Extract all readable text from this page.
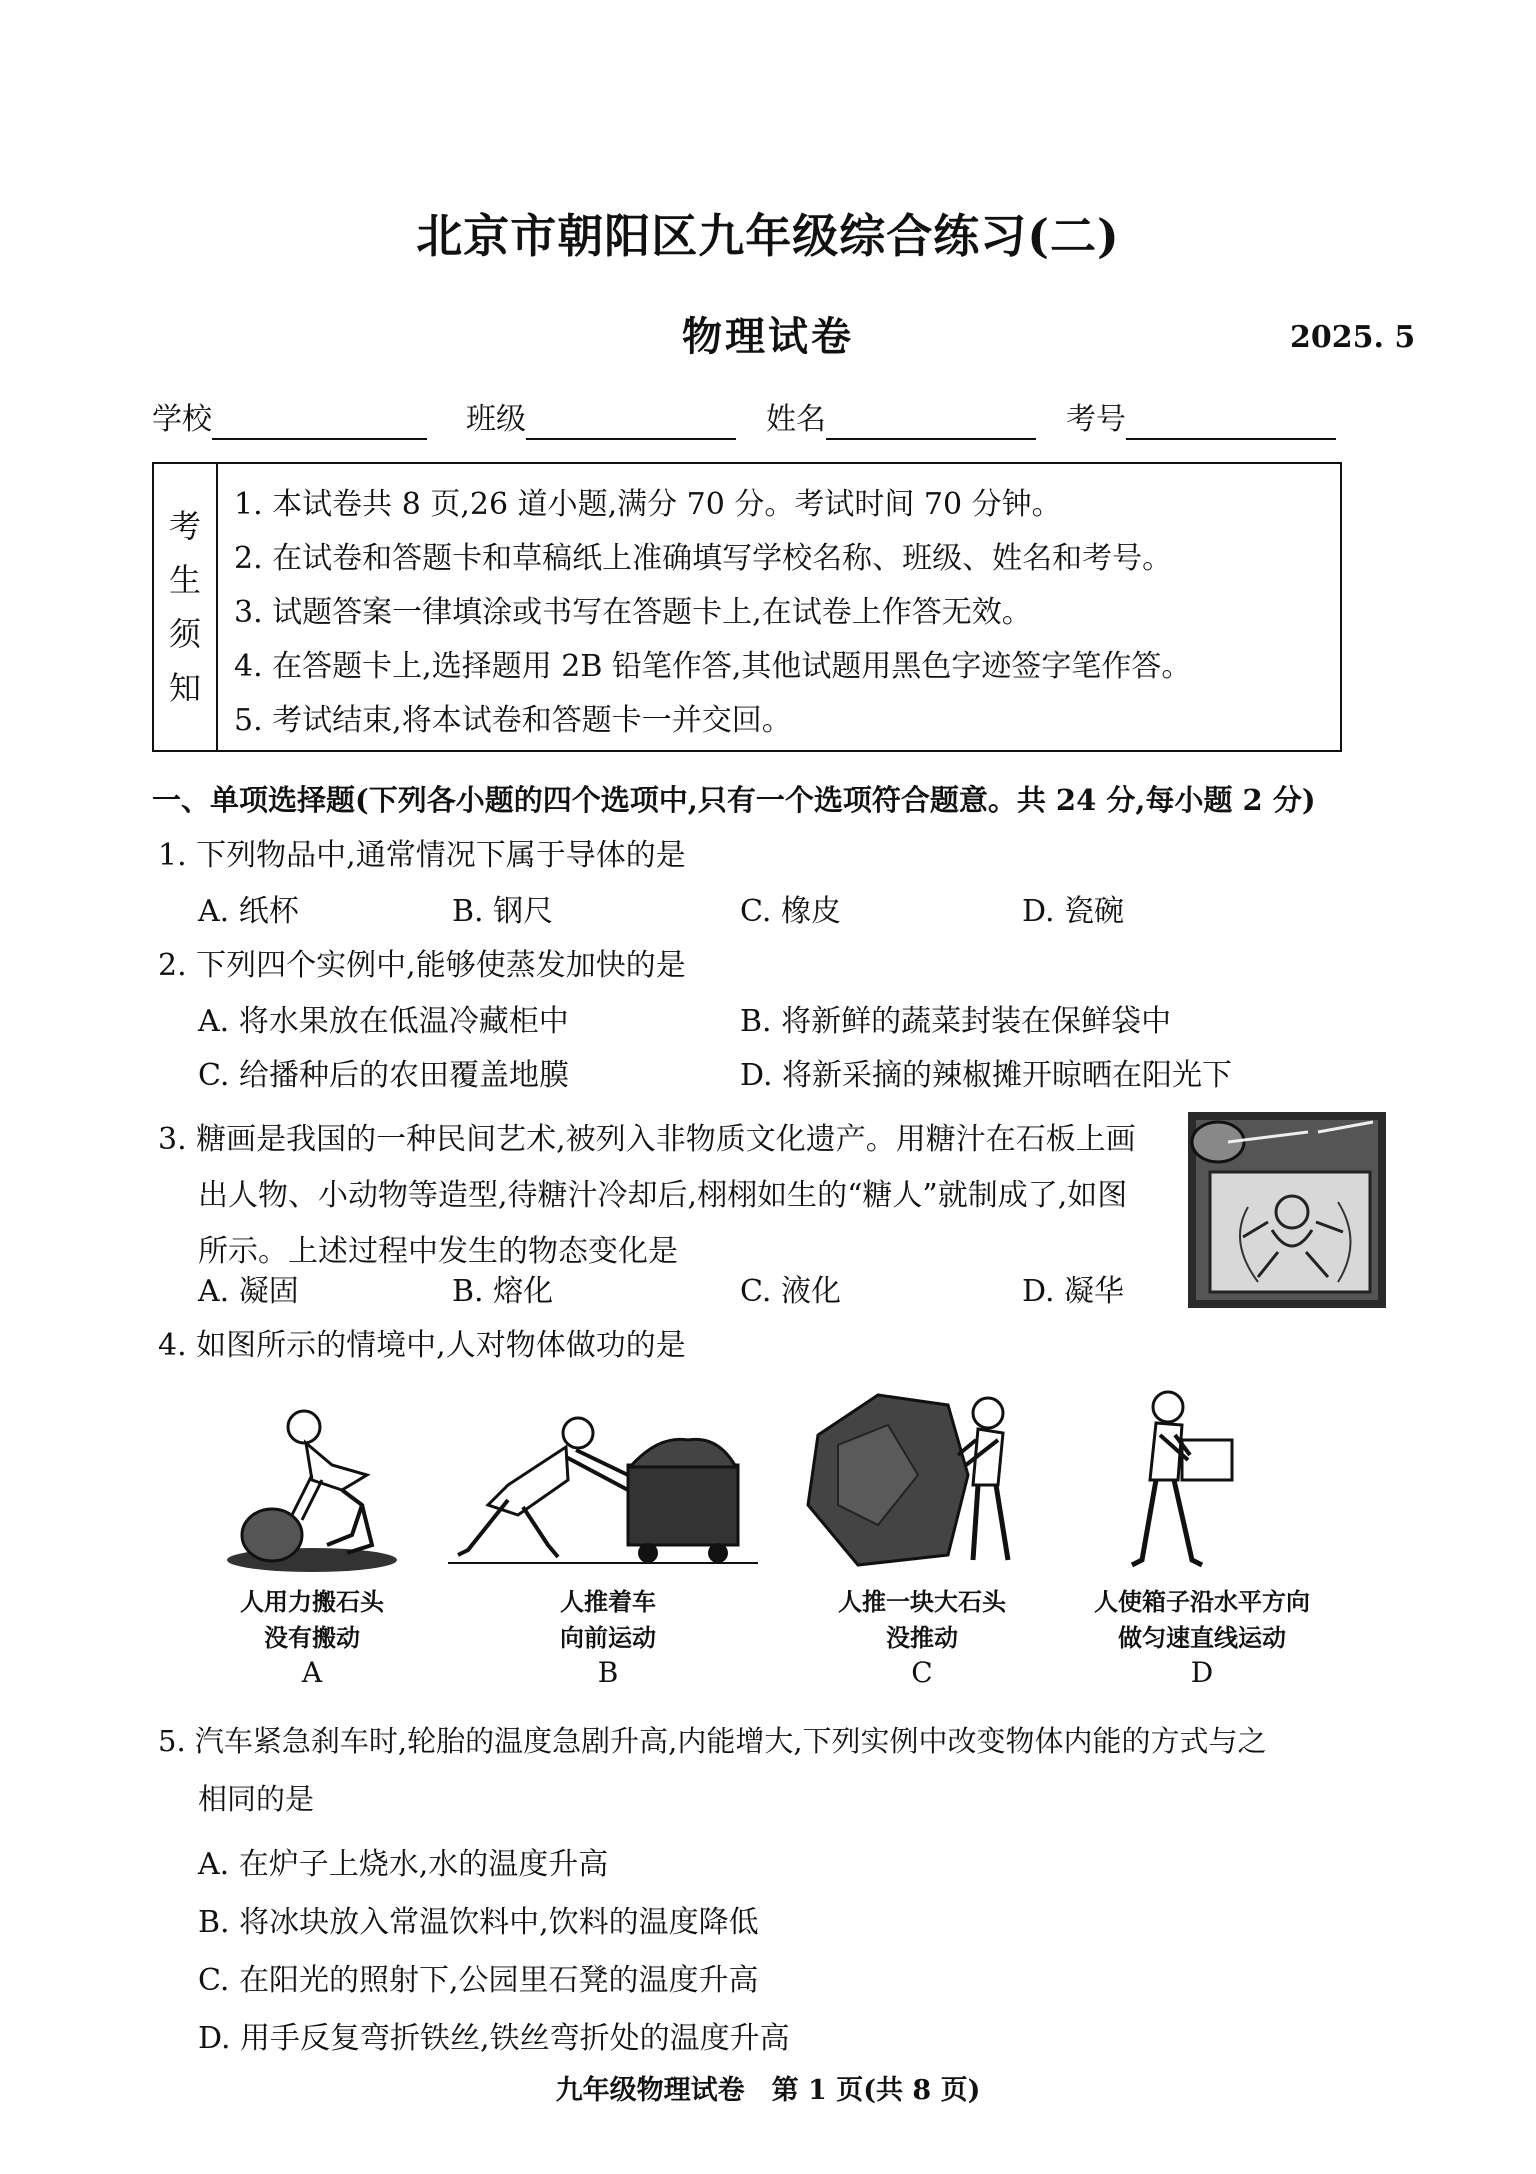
北京市朝阳区九年级综合练习(二)
物理试卷	2025. 5
学校	班级	姓名	考号
考
生
须
知
1. 本试卷共 8 页,26 道小题,满分 70 分。考试时间 70 分钟。
2. 在试卷和答题卡和草稿纸上准确填写学校名称、班级、姓名和考号。
3. 试题答案一律填涂或书写在答题卡上,在试卷上作答无效。
4. 在答题卡上,选择题用 2B 铅笔作答,其他试题用黑色字迹签字笔作答。
5. 考试结束,将本试卷和答题卡一并交回。
一、单项选择题(下列各小题的四个选项中,只有一个选项符合题意。共 24 分,每小题 2 分)
1. 下列物品中,通常情况下属于导体的是
A. 纸杯	B. 钢尺	C. 橡皮	D. 瓷碗
2. 下列四个实例中,能够使蒸发加快的是
A. 将水果放在低温冷藏柜中	B. 将新鲜的蔬菜封装在保鲜袋中
C. 给播种后的农田覆盖地膜	D. 将新采摘的辣椒摊开晾晒在阳光下
3. 糖画是我国的一种民间艺术,被列入非物质文化遗产。用糖汁在石板上画
出人物、小动物等造型,待糖汁冷却后,栩栩如生的“糖人”就制成了,如图
所示。上述过程中发生的物态变化是
A. 凝固	B. 熔化	C. 液化	D. 凝华
4. 如图所示的情境中,人对物体做功的是
人用力搬石头
没有搬动
A
人推着车
向前运动
B
人推一块大石头
没推动
C
人使箱子沿水平方向
做匀速直线运动
D
5. 汽车紧急刹车时,轮胎的温度急剧升高,内能增大,下列实例中改变物体内能的方式与之
相同的是
A. 在炉子上烧水,水的温度升高
B. 将冰块放入常温饮料中,饮料的温度降低
C. 在阳光的照射下,公园里石凳的温度升高
D. 用手反复弯折铁丝,铁丝弯折处的温度升高
九年级物理试卷　第 1 页(共 8 页)
